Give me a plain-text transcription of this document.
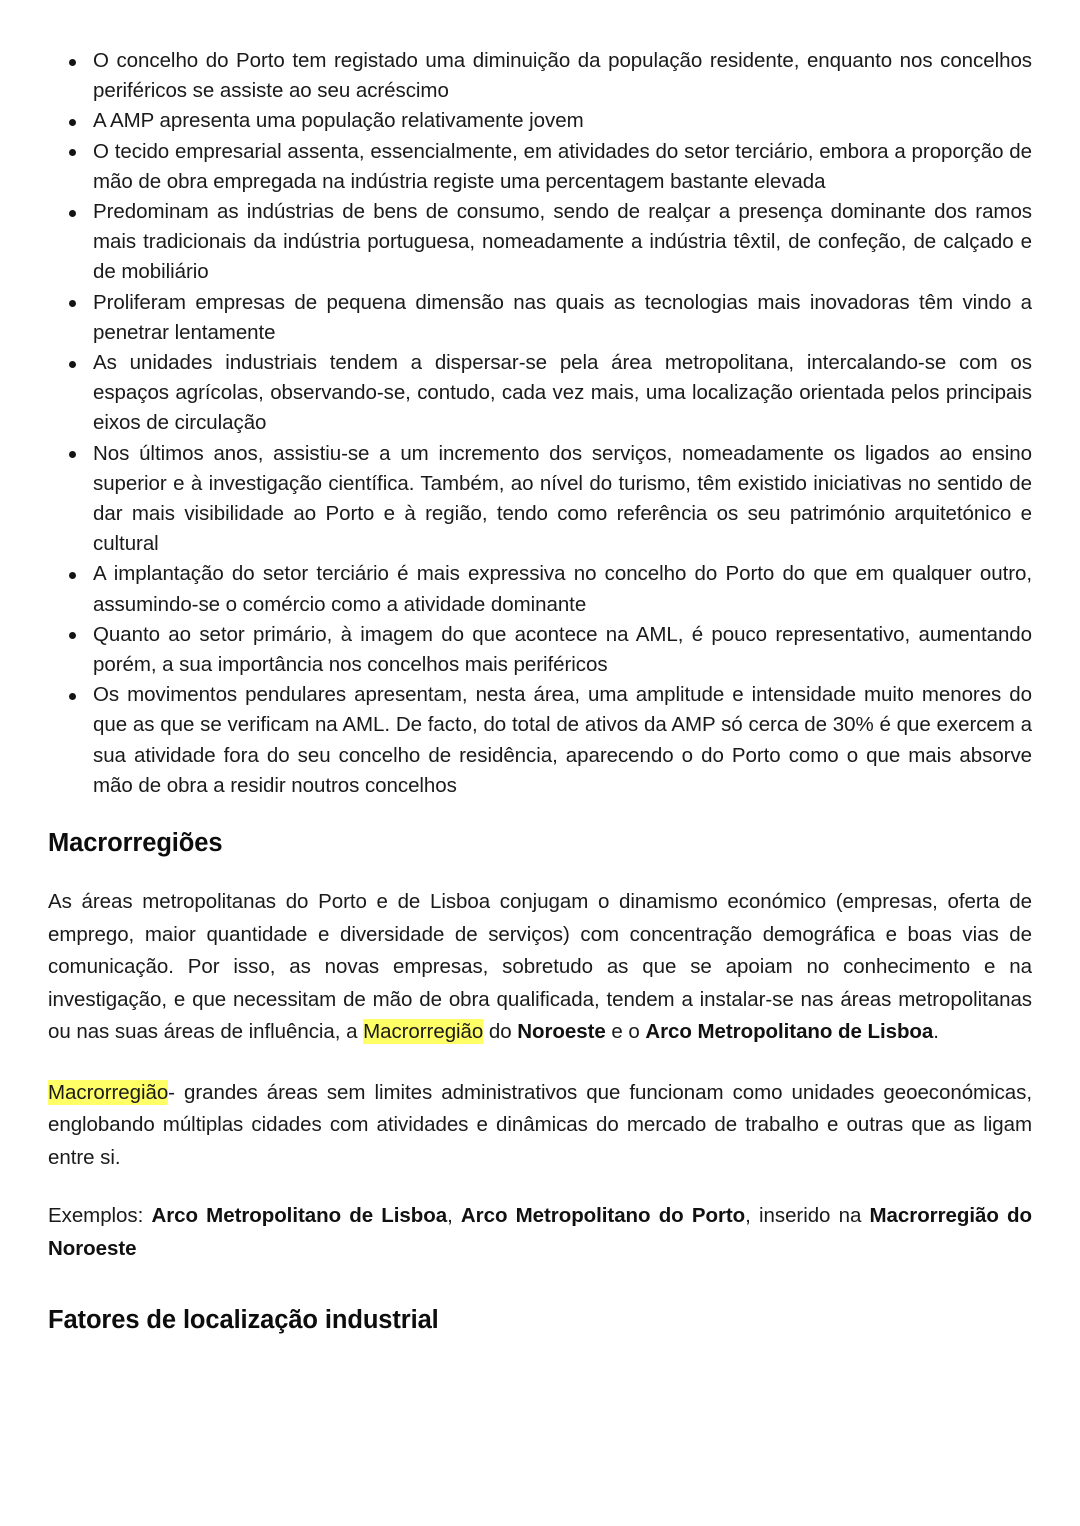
O concelho do Porto tem registado uma diminuição da população residente, enquanto nos concelhos periféricos se assiste ao seu acréscimo
A AMP apresenta uma população relativamente jovem
O tecido empresarial assenta, essencialmente, em atividades do setor terciário, embora a proporção de mão de obra empregada na indústria registe uma percentagem bastante elevada
Predominam as indústrias de bens de consumo, sendo de realçar a presença dominante dos ramos mais tradicionais da indústria portuguesa, nomeadamente a indústria têxtil, de confeção, de calçado e de mobiliário
Proliferam empresas de pequena dimensão nas quais as tecnologias mais inovadoras têm vindo a penetrar lentamente
As unidades industriais tendem a dispersar-se pela área metropolitana, intercalando-se com os espaços agrícolas, observando-se, contudo, cada vez mais, uma localização orientada pelos principais eixos de circulação
Nos últimos anos, assistiu-se a um incremento dos serviços, nomeadamente os ligados ao ensino superior e à investigação científica. Também, ao nível do turismo, têm existido iniciativas no sentido de dar mais visibilidade ao Porto e à região, tendo como referência os seu património arquitetónico e cultural
A implantação do setor terciário é mais expressiva no concelho do Porto do que em qualquer outro, assumindo-se o comércio como a atividade dominante
Quanto ao setor primário, à imagem do que acontece na AML, é pouco representativo, aumentando porém, a sua importância nos concelhos mais periféricos
Os movimentos pendulares apresentam, nesta área, uma amplitude e intensidade muito menores do que as que se verificam na AML. De facto, do total de ativos da AMP só cerca de 30% é que exercem a sua atividade fora do seu concelho de residência, aparecendo o do Porto como o que mais absorve mão de obra a residir noutros concelhos
Macrorregiões

As áreas metropolitanas do Porto e de Lisboa conjugam o dinamismo económico (empresas, oferta de emprego, maior quantidade e diversidade de serviços) com concentração demográfica e boas vias de comunicação. Por isso, as novas empresas, sobretudo as que se apoiam no conhecimento e na investigação, e que necessitam de mão de obra qualificada, tendem a instalar-se nas áreas metropolitanas ou nas suas áreas de influência, a Macrorregião do Noroeste e o Arco Metropolitano de Lisboa.

Macrorregião- grandes áreas sem limites administrativos que funcionam como unidades geoeconómicas, englobando múltiplas cidades com atividades e dinâmicas do mercado de trabalho e outras que as ligam entre si.

Exemplos: Arco Metropolitano de Lisboa, Arco Metropolitano do Porto, inserido na Macrorregião do Noroeste

Fatores de localização industrial
